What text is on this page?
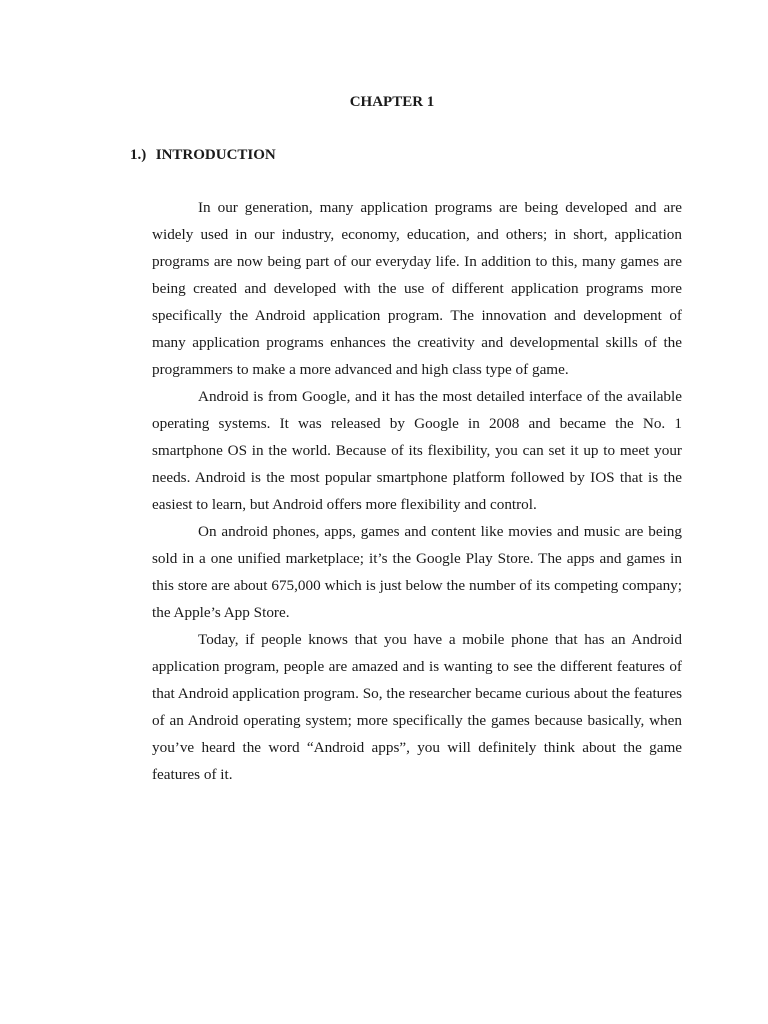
CHAPTER 1
1.) INTRODUCTION

In our generation, many application programs are being developed and are widely used in our industry, economy, education, and others; in short, application programs are now being part of our everyday life. In addition to this, many games are being created and developed with the use of different application programs more specifically the Android application program. The innovation and development of many application programs enhances the creativity and developmental skills of the programmers to make a more advanced and high class type of game.

Android is from Google, and it has the most detailed interface of the available operating systems. It was released by Google in 2008 and became the No. 1 smartphone OS in the world. Because of its flexibility, you can set it up to meet your needs. Android is the most popular smartphone platform followed by IOS that is the easiest to learn, but Android offers more flexibility and control.

On android phones, apps, games and content like movies and music are being sold in a one unified marketplace; it’s the Google Play Store. The apps and games in this store are about 675,000 which is just below the number of its competing company; the Apple’s App Store.

Today, if people knows that you have a mobile phone that has an Android application program, people are amazed and is wanting to see the different features of that Android application program. So, the researcher became curious about the features of an Android operating system; more specifically the games because basically, when you’ve heard the word “Android apps”, you will definitely think about the game features of it.
